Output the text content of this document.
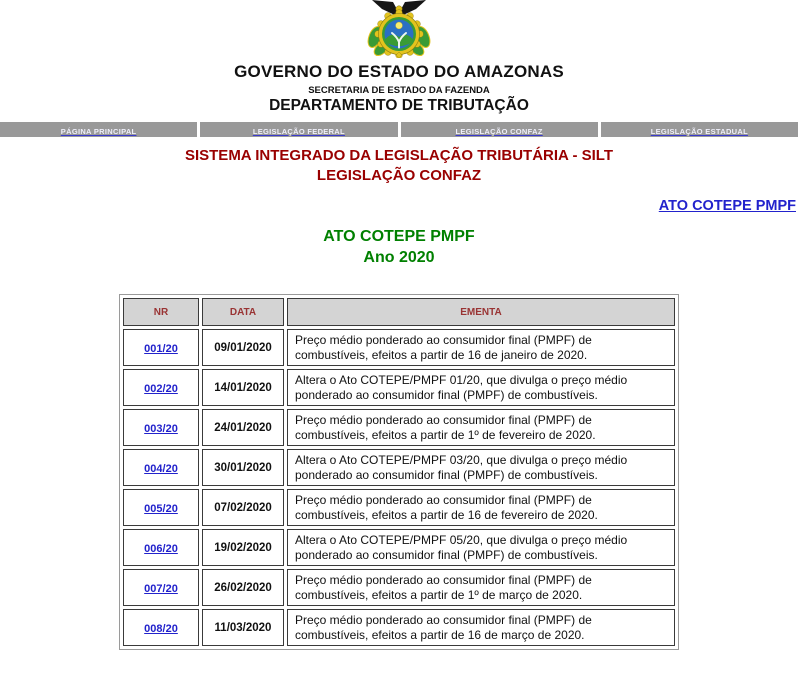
GOVERNO DO ESTADO DO AMAZONAS
SECRETARIA DE ESTADO DA FAZENDA
DEPARTAMENTO DE TRIBUTAÇÃO
PÁGINA PRINCIPAL	LEGISLAÇÃO FEDERAL	LEGISLAÇÃO CONFAZ	LEGISLAÇÃO ESTADUAL
SISTEMA INTEGRADO DA LEGISLAÇÃO TRIBUTÁRIA - SILT
LEGISLAÇÃO CONFAZ
ATO COTEPE PMPF
ATO COTEPE PMPF
Ano 2020
NR	DATA	EMENTA
001/20	09/01/2020	Preço médio ponderado ao consumidor final (PMPF) de combustíveis, efeitos a partir de 16 de janeiro de 2020.
002/20	14/01/2020	Altera o Ato COTEPE/PMPF 01/20, que divulga o preço médio ponderado ao consumidor final (PMPF) de combustíveis.
003/20	24/01/2020	Preço médio ponderado ao consumidor final (PMPF) de combustíveis, efeitos a partir de 1º de fevereiro de 2020.
004/20	30/01/2020	Altera o Ato COTEPE/PMPF 03/20, que divulga o preço médio ponderado ao consumidor final (PMPF) de combustíveis.
005/20	07/02/2020	Preço médio ponderado ao consumidor final (PMPF) de combustíveis, efeitos a partir de 16 de fevereiro de 2020.
006/20	19/02/2020	Altera o Ato COTEPE/PMPF 05/20, que divulga o preço médio ponderado ao consumidor final (PMPF) de combustíveis.
007/20	26/02/2020	Preço médio ponderado ao consumidor final (PMPF) de combustíveis, efeitos a partir de 1º de março de 2020.
008/20	11/03/2020	Preço médio ponderado ao consumidor final (PMPF) de combustíveis, efeitos a partir de 16 de março de 2020.
